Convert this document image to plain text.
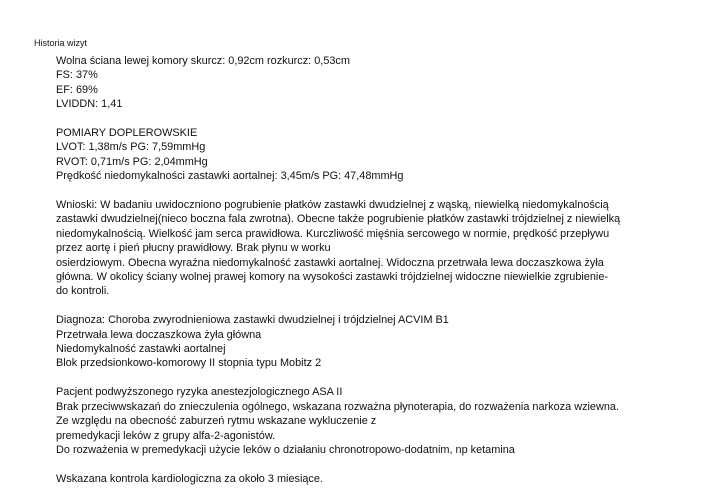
Historia wizyt
Wolna ściana lewej komory skurcz: 0,92cm rozkurcz: 0,53cm
FS: 37%
EF: 69%
LVIDDN: 1,41
POMIARY DOPLEROWSKIE
LVOT: 1,38m/s PG: 7,59mmHg
RVOT: 0,71m/s PG: 2,04mmHg
Prędkość niedomykalności zastawki aortalnej: 3,45m/s PG: 47,48mmHg
Wnioski: W badaniu uwidoczniono pogrubienie płatków zastawki dwudzielnej z wąską, niewielką niedomykalnością
zastawki dwudzielnej(nieco boczna fala zwrotna). Obecne także pogrubienie płatków zastawki trójdzielnej z niewielką
niedomykalnością. Wielkość jam serca prawidłowa. Kurczliwość mięśnia sercowego w normie, prędkość przepływu
przez aortę i pień płucny prawidłowy. Brak płynu w worku
osierdziowym. Obecna wyraźna niedomykalność zastawki aortalnej. Widoczna przetrwała lewa doczaszkowa żyła
główna. W okolicy ściany wolnej prawej komory na wysokości zastawki trójdzielnej widoczne niewielkie zgrubienie-
do kontroli.
Diagnoza: Choroba zwyrodnieniowa zastawki dwudzielnej i trójdzielnej ACVIM B1
Przetrwała lewa doczaszkowa żyła główna
Niedomykalność zastawki aortalnej
Blok przedsionkowo-komorowy II stopnia typu Mobitz 2
Pacjent podwyższonego ryzyka anestezjologicznego ASA II
Brak przeciwwskazań do znieczulenia ogólnego, wskazana rozważna płynoterapia, do rozważenia narkoza wziewna.
Ze względu na obecność zaburzeń rytmu wskazane wykluczenie z
premedykacji leków z grupy alfa-2-agonistów.
Do rozważenia w premedykacji użycie leków o działaniu chronotropowo-dodatnim, np ketamina
Wskazana kontrola kardiologiczna za około 3 miesiące.
